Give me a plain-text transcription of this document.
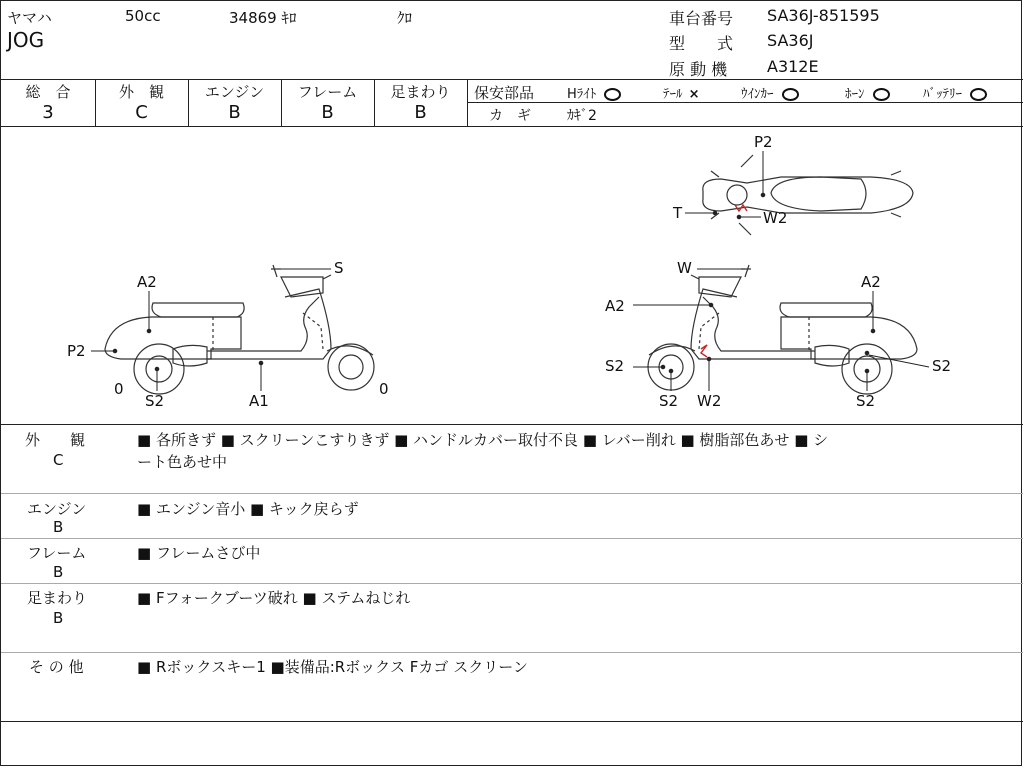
ヤマハ	50cc	34869 ｷﾛ	ｸﾛ
JOG
車台番号 SA36J-851595
型　　式 SA36J
原 動 機 A312E
総　合
3
外　観
C
エンジン
B
フレーム
B
足まわり
B
保安部品	Hﾗｲﾄ	ﾃｰﾙ ×	ｳｲﾝｶｰ	ﾎｰﾝ	ﾊﾞｯﾃﾘｰ
カ　ギ	ｶｷﾞ2
S
A2
P2
0
S2	A1
0
W
A2
A2
S2	S2
S2 W2	S2
P2
T	W2
外　　観
C
■ 各所きず ■ スクリーンこすりきず ■ ハンドルカバー取付不良 ■ レバー削れ ■ 樹脂部色あせ ■ シ
ート色あせ中
エンジン
B
■ エンジン音小 ■ キック戻らず
フレーム
B
■ フレームさび中
足まわり
B
■ Fフォークブーツ破れ ■ ステムねじれ
そ の 他	■ Rボックスキー1 ■装備品:Rボックス Fカゴ スクリーン
